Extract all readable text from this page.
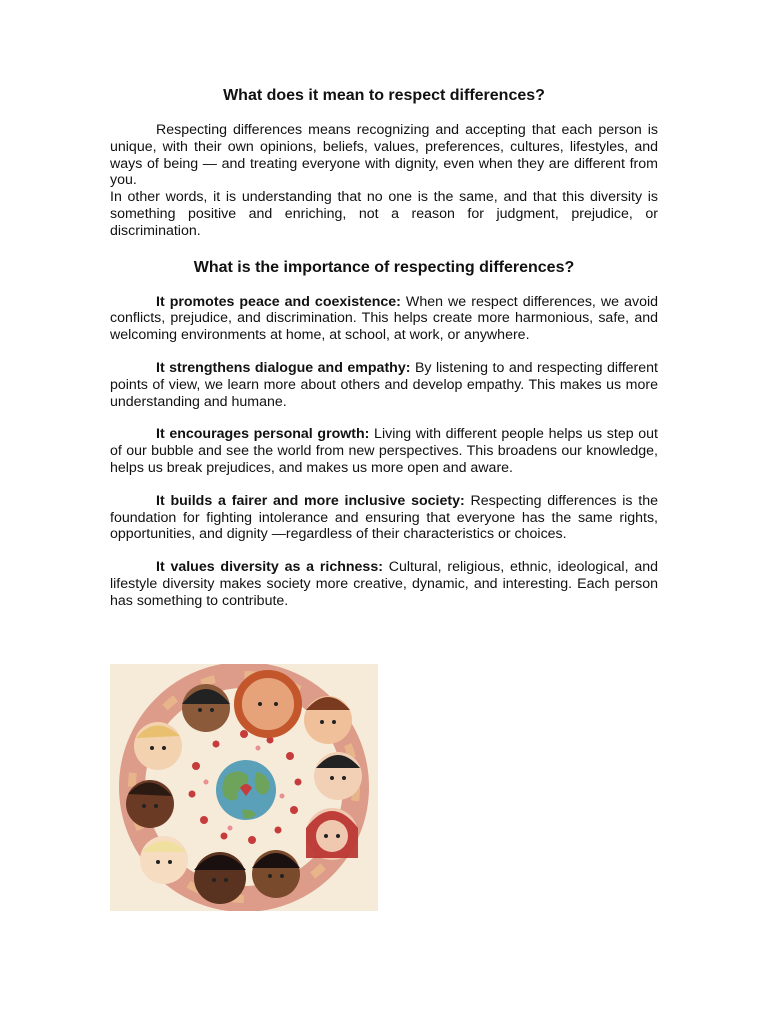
What does it mean to respect differences?

Respecting differences means recognizing and accepting that each person is unique, with their own opinions, beliefs, values, preferences, cultures, lifestyles, and ways of being — and treating everyone with dignity, even when they are different from you.

In other words, it is understanding that no one is the same, and that this diversity is something positive and enriching, not a reason for judgment, prejudice, or discrimination.

What is the importance of respecting differences?

It promotes peace and coexistence: When we respect differences, we avoid conflicts, prejudice, and discrimination. This helps create more harmonious, safe, and welcoming environments at home, at school, at work, or anywhere.

It strengthens dialogue and empathy: By listening to and respecting different points of view, we learn more about others and develop empathy. This makes us more understanding and humane.

It encourages personal growth: Living with different people helps us step out of our bubble and see the world from new perspectives. This broadens our knowledge, helps us break prejudices, and makes us more open and aware.

It builds a fairer and more inclusive society: Respecting differences is the foundation for fighting intolerance and ensuring that everyone has the same rights, opportunities, and dignity —regardless of their characteristics or choices.

It values diversity as a richness: Cultural, religious, ethnic, ideological, and lifestyle diversity makes society more creative, dynamic, and interesting. Each person has something to contribute.
